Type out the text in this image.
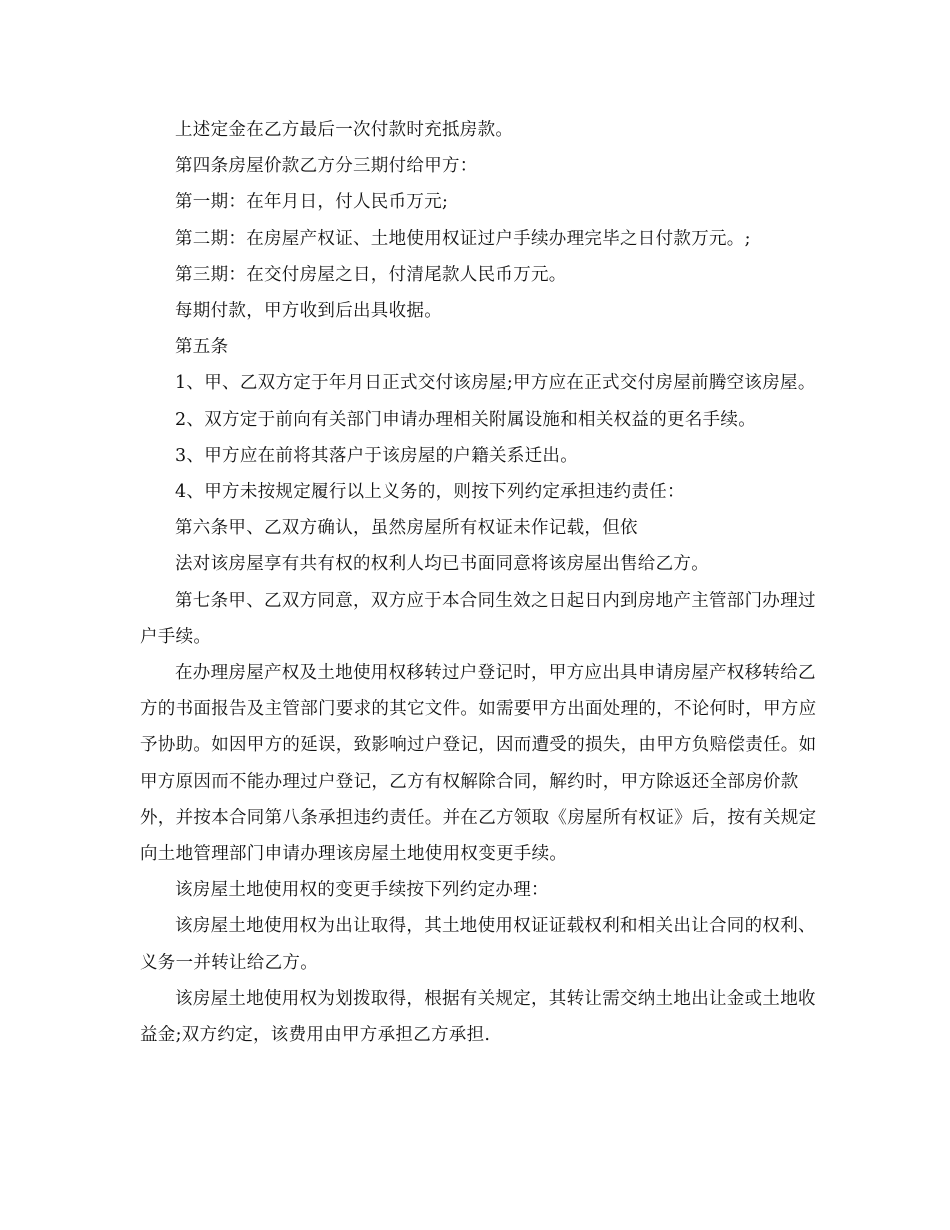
上述定金在乙方最后一次付款时充抵房款。

第四条房屋价款乙方分三期付给甲方：

第一期：在年月日，付人民币万元;

第二期：在房屋产权证、土地使用权证过户手续办理完毕之日付款万元。;

第三期：在交付房屋之日，付清尾款人民币万元。

每期付款，甲方收到后出具收据。

第五条

1、甲、乙双方定于年月日正式交付该房屋;甲方应在正式交付房屋前腾空该房屋。

2、双方定于前向有关部门申请办理相关附属设施和相关权益的更名手续。

3、甲方应在前将其落户于该房屋的户籍关系迁出。

4、甲方未按规定履行以上义务的，则按下列约定承担违约责任：

第六条甲、乙双方确认，虽然房屋所有权证未作记载，但依

法对该房屋享有共有权的权利人均已书面同意将该房屋出售给乙方。

第七条甲、乙双方同意，双方应于本合同生效之日起日内到房地产主管部门办理过户手续。

在办理房屋产权及土地使用权移转过户登记时，甲方应出具申请房屋产权移转给乙方的书面报告及主管部门要求的其它文件。如需要甲方出面处理的，不论何时，甲方应予协助。如因甲方的延误，致影响过户登记，因而遭受的损失，由甲方负赔偿责任。如甲方原因而不能办理过户登记，乙方有权解除合同，解约时，甲方除返还全部房价款外，并按本合同第八条承担违约责任。并在乙方领取《房屋所有权证》后，按有关规定向土地管理部门申请办理该房屋土地使用权变更手续。

该房屋土地使用权的变更手续按下列约定办理：

该房屋土地使用权为出让取得，其土地使用权证证载权利和相关出让合同的权利、义务一并转让给乙方。

该房屋土地使用权为划拨取得，根据有关规定，其转让需交纳土地出让金或土地收益金;双方约定，该费用由甲方承担乙方承担.
